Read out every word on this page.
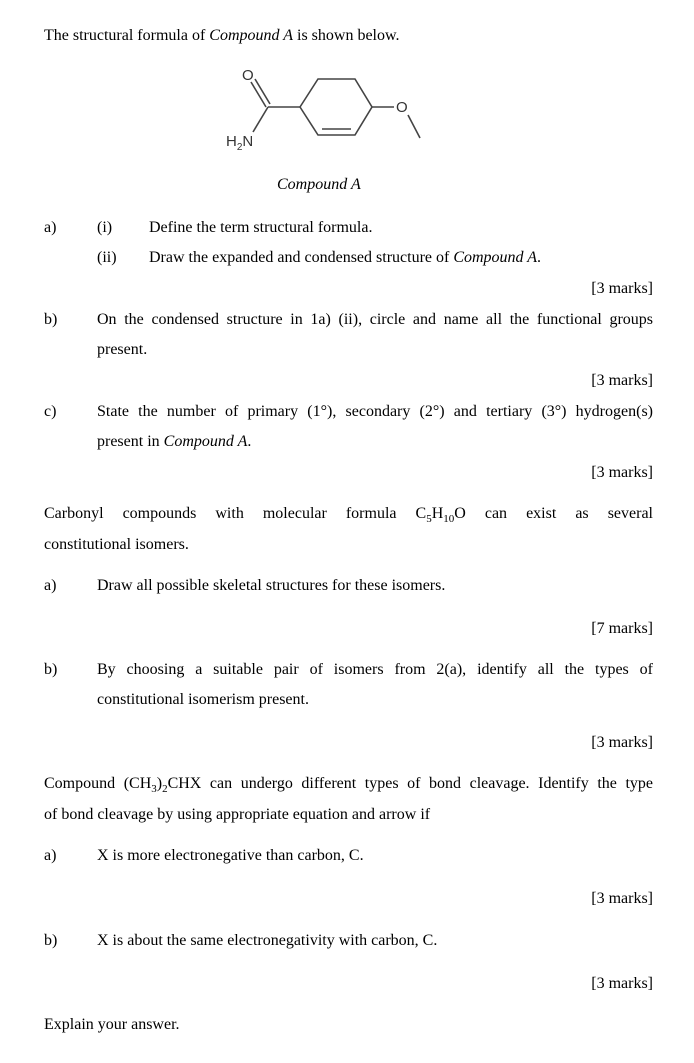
The structural formula of Compound A is shown below.
O
$H_2N$
O
Compound A
a)	(i) Define the term structural formula.
(ii) Draw the expanded and condensed structure of Compound A.
[3 marks]
b) On the condensed structure in 1a) (ii), circle and name all the functional groups
present.
[3 marks]
c)	State the number of primary (1°), secondary (2°) and tertiary (3°) hydrogen(s)
present in Compound A.
[3 marks]
Carbonyl compounds with molecular formula $C_5H_{10}O$ can exist as several
constitutional isomers.
a)	Draw all possible skeletal structures for these isomers.
[7 marks]
b) By choosing a suitable pair of isomers from 2(a), identify all the types of
constitutional isomerism present.
[3 marks]
Compound $(CH_3)_2CHX$ can undergo different types of bond cleavage. Identify the type
of bond cleavage by using appropriate equation and arrow if
a)	X is more electronegative than carbon, C.
[3 marks]
b) X is about the same electronegativity with carbon, C.
[3 marks]
Explain your answer.
